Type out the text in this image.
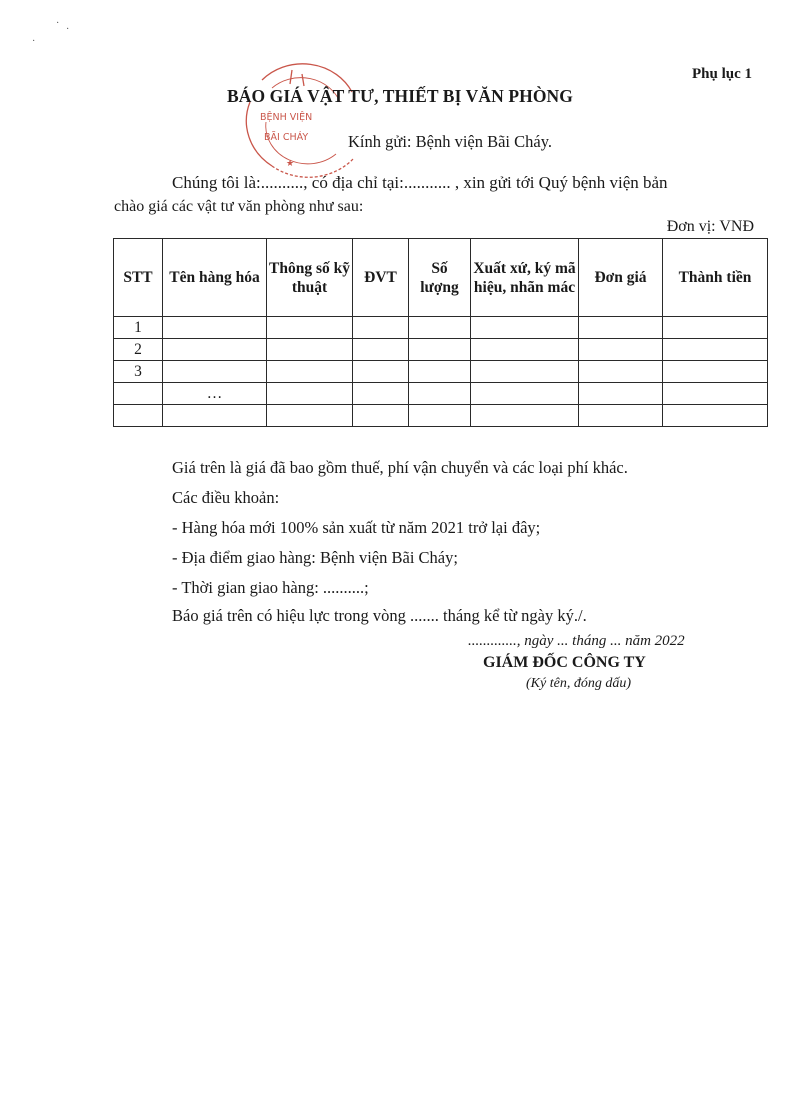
·
·
·
★
BỆNH VIỆN
BÃI CHÁY
Phụ lục 1
BÁO GIÁ VẬT TƯ, THIẾT BỊ VĂN PHÒNG
Kính gửi: Bệnh viện Bãi Cháy.
Chúng tôi là:.........., có địa chỉ tại:........... , xin gửi tới Quý bệnh viện bản
chào giá các vật tư văn phòng như sau:
Đơn vị: VNĐ
STT	Tên hàng hóa	Thông số kỹ thuật	ĐVT	Số lượng	Xuất xứ, ký mã hiệu, nhãn mác	Đơn giá	Thành tiền
1							
2							
3							
	…						

Giá trên là giá đã bao gồm thuế, phí vận chuyển và các loại phí khác.
Các điều khoản:
- Hàng hóa mới 100% sản xuất từ năm 2021 trở lại đây;
- Địa điểm giao hàng: Bệnh viện Bãi Cháy;
- Thời gian giao hàng: ..........;
Báo giá trên có hiệu lực trong vòng ....... tháng kể từ ngày ký./.
............., ngày ... tháng ... năm 2022
GIÁM ĐỐC CÔNG TY
(Ký tên, đóng dấu)
